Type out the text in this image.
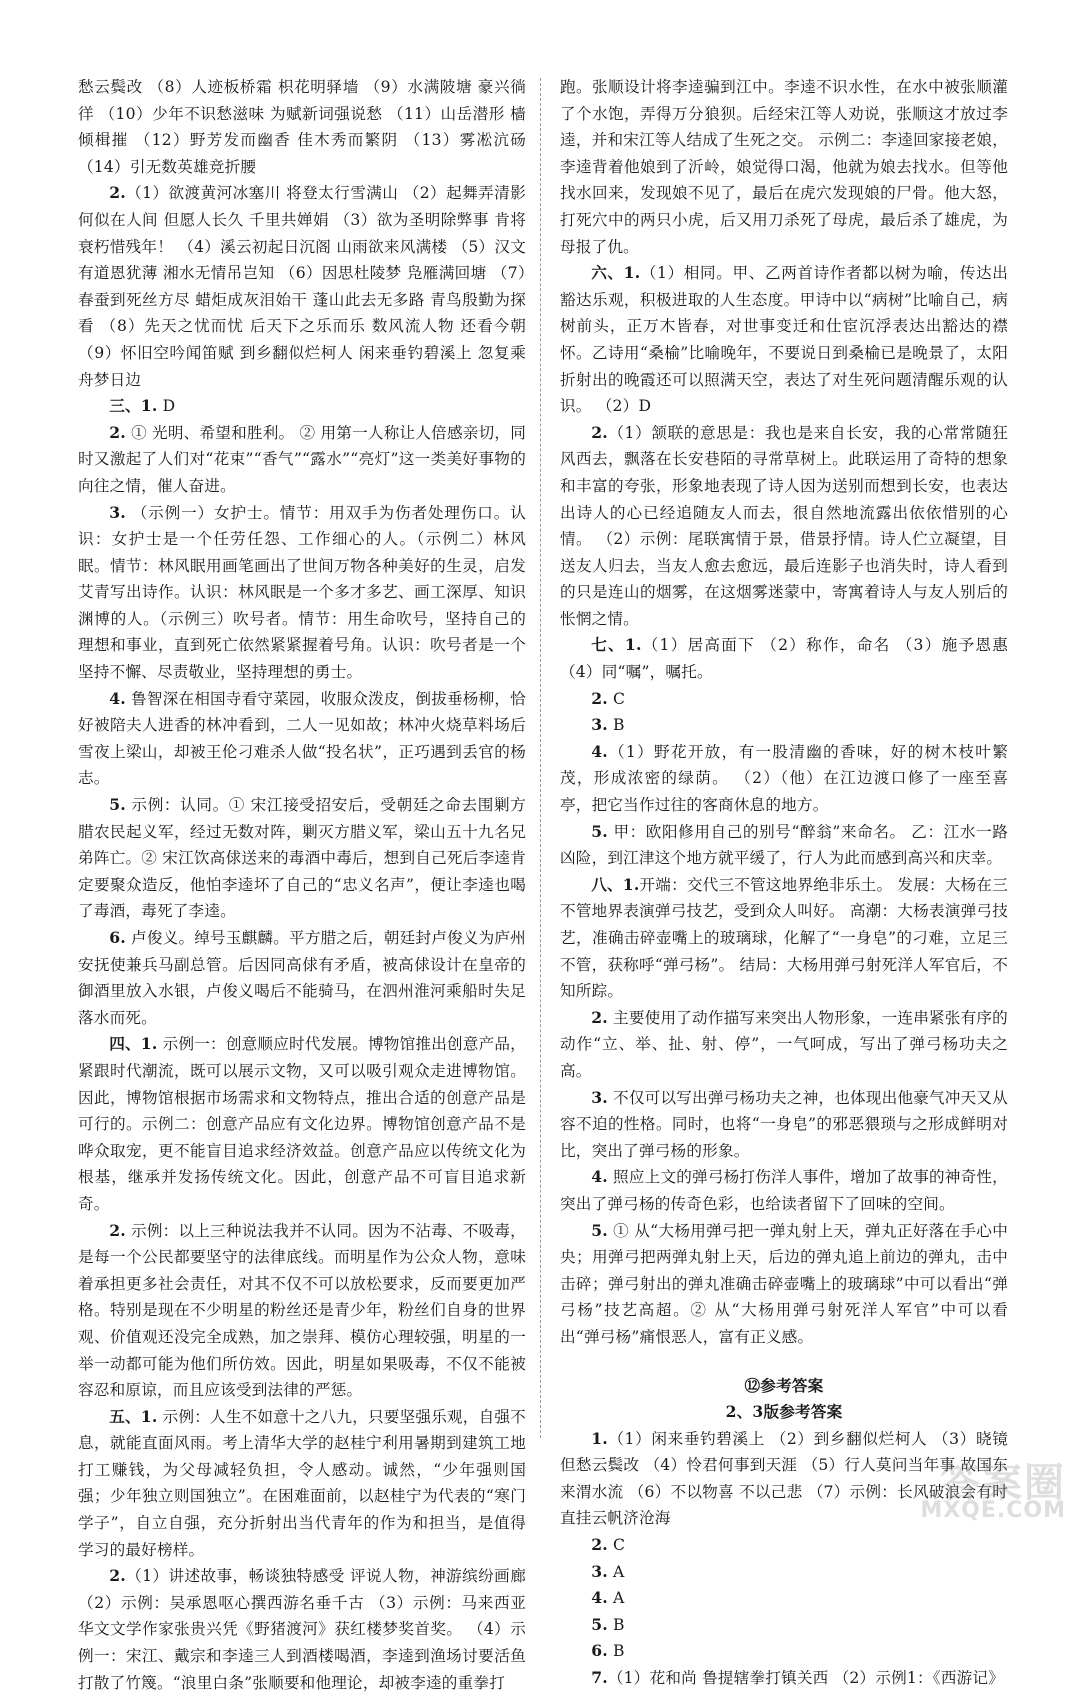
愁云鬓改 （8）人迹板桥霜 枳花明驿墙 （9）水满陂塘 豪兴徜徉 （10）少年不识愁滋味 为赋新词强说愁 （11）山岳潜形 樯倾楫摧 （12）野芳发而幽香 佳木秀而繁阴 （13）雾凇沆砀 （14）引无数英雄竞折腰

2.（1）欲渡黄河冰塞川 将登太行雪满山 （2）起舞弄清影 何似在人间 但愿人长久 千里共婵娟 （3）欲为圣明除弊事 肯将衰朽惜残年！ （4）溪云初起日沉阁 山雨欲来风满楼 （5）汉文有道恩犹薄 湘水无情吊岂知 （6）因思杜陵梦 凫雁满回塘 （7）春蚕到死丝方尽 蜡炬成灰泪始干 蓬山此去无多路 青鸟殷勤为探看 （8）先天之忧而忧 后天下之乐而乐 数风流人物 还看今朝 （9）怀旧空吟闻笛赋 到乡翻似烂柯人 闲来垂钓碧溪上 忽复乘舟梦日边

三、1. D

2. ① 光明、希望和胜利。 ② 用第一人称让人倍感亲切，同时又激起了人们对“花束”“香气”“露水”“亮灯”这一类美好事物的向往之情，催人奋进。

3. （示例一）女护士。情节：用双手为伤者处理伤口。认识：女护士是一个任劳任怨、工作细心的人。（示例二）林风眠。情节：林风眠用画笔画出了世间万物各种美好的生灵，启发艾青写出诗作。认识：林风眠是一个多才多艺、画工深厚、知识渊博的人。（示例三）吹号者。情节：用生命吹号，坚持自己的理想和事业，直到死亡依然紧紧握着号角。认识：吹号者是一个坚持不懈、尽责敬业，坚持理想的勇士。

4. 鲁智深在相国寺看守菜园，收服众泼皮，倒拔垂杨柳，恰好被陪夫人进香的林冲看到，二人一见如故；林冲火烧草料场后雪夜上梁山，却被王伦刁难杀人做“投名状”，正巧遇到丢官的杨志。

5. 示例：认同。① 宋江接受招安后，受朝廷之命去围剿方腊农民起义军，经过无数对阵，剿灭方腊义军，梁山五十九名兄弟阵亡。② 宋江饮高俅送来的毒酒中毒后，想到自己死后李逵肯定要聚众造反，他怕李逵坏了自己的“忠义名声”，便让李逵也喝了毒酒，毒死了李逵。

6. 卢俊义。绰号玉麒麟。平方腊之后，朝廷封卢俊义为庐州安抚使兼兵马副总管。后因同高俅有矛盾，被高俅设计在皇帝的御酒里放入水银，卢俊义喝后不能骑马，在泗州淮河乘船时失足落水而死。

四、1. 示例一：创意顺应时代发展。博物馆推出创意产品，紧跟时代潮流，既可以展示文物，又可以吸引观众走进博物馆。因此，博物馆根据市场需求和文物特点，推出合适的创意产品是可行的。示例二：创意产品应有文化边界。博物馆创意产品不是哗众取宠，更不能盲目追求经济效益。创意产品应以传统文化为根基，继承并发扬传统文化。因此，创意产品不可盲目追求新奇。

2. 示例：以上三种说法我并不认同。因为不沾毒、不吸毒，是每一个公民都要坚守的法律底线。而明星作为公众人物，意味着承担更多社会责任，对其不仅不可以放松要求，反而要更加严格。特别是现在不少明星的粉丝还是青少年，粉丝们自身的世界观、价值观还没完全成熟，加之崇拜、模仿心理较强，明星的一举一动都可能为他们所仿效。因此，明星如果吸毒，不仅不能被容忍和原谅，而且应该受到法律的严惩。

五、1. 示例：人生不如意十之八九，只要坚强乐观，自强不息，就能直面风雨。考上清华大学的赵桂宁利用暑期到建筑工地打工赚钱，为父母减轻负担，令人感动。诚然，“少年强则国强；少年独立则国独立”。在困难面前，以赵桂宁为代表的“寒门学子”，自立自强，充分折射出当代青年的作为和担当，是值得学习的最好榜样。

2.（1）讲述故事，畅谈独特感受 评说人物，神游缤纷画廊 （2）示例：吴承恩呕心撰西游名垂千古 （3）示例：马来西亚华文文学作家张贵兴凭《野猪渡河》获红楼梦奖首奖。 （4）示例一：宋江、戴宗和李逵三人到酒楼喝酒，李逵到渔场讨要活鱼打散了竹篾。“浪里白条”张顺要和他理论，却被李逵的重拳打

跑。张顺设计将李逵骗到江中。李逵不识水性，在水中被张顺灌了个水饱，弄得万分狼狈。后经宋江等人劝说，张顺这才放过李逵，并和宋江等人结成了生死之交。 示例二：李逵回家接老娘，李逵背着他娘到了沂岭，娘觉得口渴，他就为娘去找水。但等他找水回来，发现娘不见了，最后在虎穴发现娘的尸骨。他大怒，打死穴中的两只小虎，后又用刀杀死了母虎，最后杀了雄虎，为母报了仇。

六、1.（1）相同。甲、乙两首诗作者都以树为喻，传达出豁达乐观，积极进取的人生态度。甲诗中以“病树”比喻自己，病树前头，正万木皆春，对世事变迁和仕宦沉浮表达出豁达的襟怀。乙诗用“桑榆”比喻晚年，不要说日到桑榆已是晚景了，太阳折射出的晚霞还可以照满天空，表达了对生死问题清醒乐观的认识。 （2）D

2.（1）颔联的意思是：我也是来自长安，我的心常常随狂风西去，飘落在长安巷陌的寻常草树上。此联运用了奇特的想象和丰富的夸张，形象地表现了诗人因为送别而想到长安，也表达出诗人的心已经追随友人而去，很自然地流露出依依惜别的心情。 （2）示例：尾联寓情于景，借景抒情。诗人伫立凝望，目送友人归去，当友人愈去愈远，最后连影子也消失时，诗人看到的只是连山的烟雾，在这烟雾迷蒙中，寄寓着诗人与友人别后的怅惘之情。

七、1.（1）居高面下 （2）称作，命名 （3）施予恩惠 （4）同“嘱”，嘱托。

2. C

3. B

4.（1）野花开放，有一股清幽的香味，好的树木枝叶繁茂，形成浓密的绿荫。 （2）（他）在江边渡口修了一座至喜亭，把它当作过往的客商休息的地方。

5. 甲：欧阳修用自己的别号“醉翁”来命名。 乙：江水一路凶险，到江津这个地方就平缓了，行人为此而感到高兴和庆幸。

八、1.开端：交代三不管这地界绝非乐土。 发展：大杨在三不管地界表演弹弓技艺，受到众人叫好。 高潮：大杨表演弹弓技艺，准确击碎壶嘴上的玻璃球，化解了“一身皂”的刁难，立足三不管，获称呼“弹弓杨”。 结局：大杨用弹弓射死洋人军官后，不知所踪。

2. 主要使用了动作描写来突出人物形象，一连串紧张有序的动作“立、举、扯、射、停”，一气呵成，写出了弹弓杨功夫之高。

3. 不仅可以写出弹弓杨功夫之神，也体现出他豪气冲天又从容不迫的性格。同时，也将“一身皂”的邪恶猥琐与之形成鲜明对比，突出了弹弓杨的形象。

4. 照应上文的弹弓杨打伤洋人事件，增加了故事的神奇性，突出了弹弓杨的传奇色彩，也给读者留下了回味的空间。

5. ① 从“大杨用弹弓把一弹丸射上天，弹丸正好落在手心中央；用弹弓把两弹丸射上天，后边的弹丸追上前边的弹丸，击中击碎；弹弓射出的弹丸准确击碎壶嘴上的玻璃球”中可以看出“弹弓杨”技艺高超。② 从“大杨用弹弓射死洋人军官”中可以看出“弹弓杨”痛恨恶人，富有正义感。

⑫参考答案

2、3版参考答案

1.（1）闲来垂钓碧溪上 （2）到乡翻似烂柯人 （3）晓镜但愁云鬓改 （4）怜君何事到天涯 （5）行人莫问当年事 故国东来渭水流 （6）不以物喜 不以己悲 （7）示例：长风破浪会有时 直挂云帆济沧海

2. C

3. A

4. A

5. B

6. B

7.（1）花和尚 鲁提辖拳打镇关西 （2）示例1：《西游记》

答案圈
MXQE.COM
